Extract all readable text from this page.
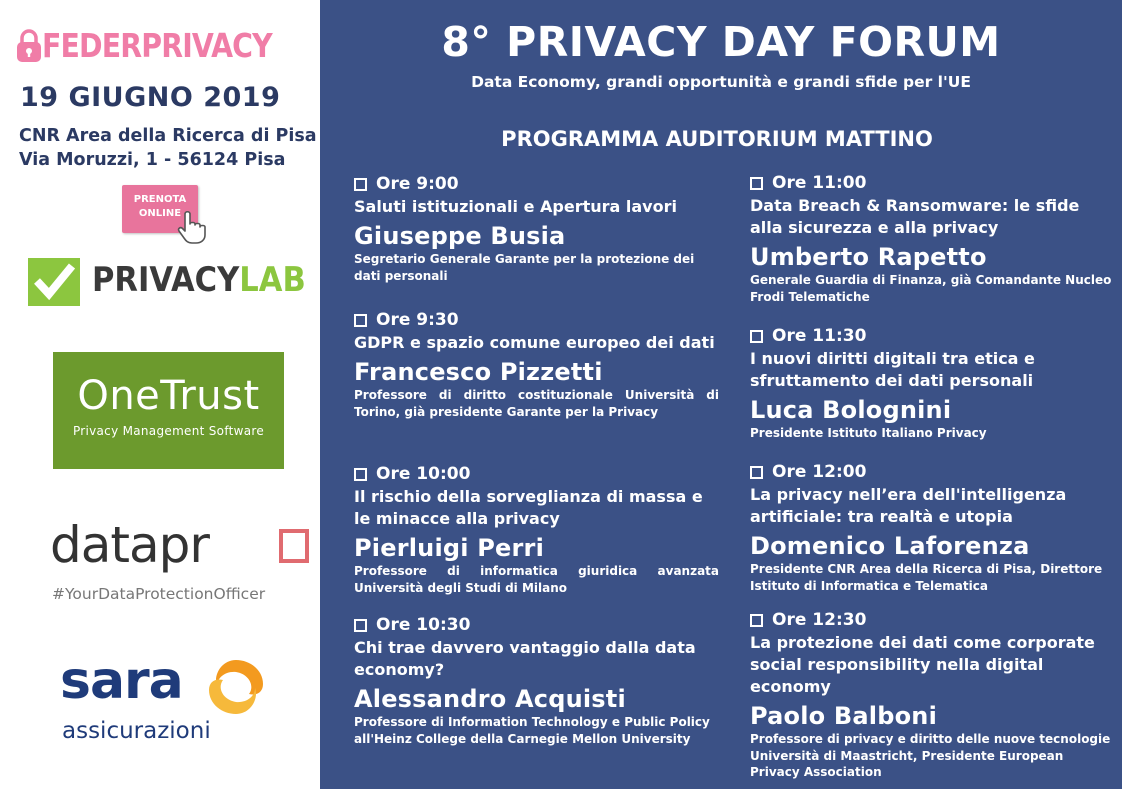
FEDERPRIVACY
19 GIUGNO 2019
CNR Area della Ricerca di Pisa
Via Moruzzi, 1 - 56124 Pisa
PRENOTA
ONLINE
PRIVACYLAB
OneTrust
Privacy Management Software
datapr
#YourDataProtectionOfficer
sara
assicurazioni
8° PRIVACY DAY FORUM
Data Economy, grandi opportunità e grandi sfide per l'UE
PROGRAMMA AUDITORIUM MATTINO
Ore 9:00
Saluti istituzionali e Apertura lavori
Giuseppe Busia
Segretario Generale Garante per la protezione dei dati personali
Ore 9:30
GDPR e spazio comune europeo dei dati
Francesco Pizzetti
Professore di diritto costituzionale Università di Torino, già presidente Garante per la Privacy
Ore 10:00
Il rischio della sorveglianza di massa e le minacce alla privacy
Pierluigi Perri
Professore di informatica giuridica avanzata Università degli Studi di Milano
Ore 10:30
Chi trae davvero vantaggio dalla data economy?
Alessandro Acquisti
Professore di Information Technology e Public Policy all'Heinz College della Carnegie Mellon University
Ore 11:00
Data Breach & Ransomware: le sfide alla sicurezza e alla privacy
Umberto Rapetto
Generale Guardia di Finanza, già Comandante Nucleo Frodi Telematiche
Ore 11:30
I nuovi diritti digitali tra etica e sfruttamento dei dati personali
Luca Bolognini
Presidente Istituto Italiano Privacy
Ore 12:00
La privacy nell’era dell'intelligenza artificiale: tra realtà e utopia
Domenico Laforenza
Presidente CNR Area della Ricerca di Pisa, Direttore Istituto di Informatica e Telematica
Ore 12:30
La protezione dei dati come corporate social responsibility nella digital economy
Paolo Balboni
Professore di privacy e diritto delle nuove tecnologie Università di Maastricht, Presidente European Privacy Association
